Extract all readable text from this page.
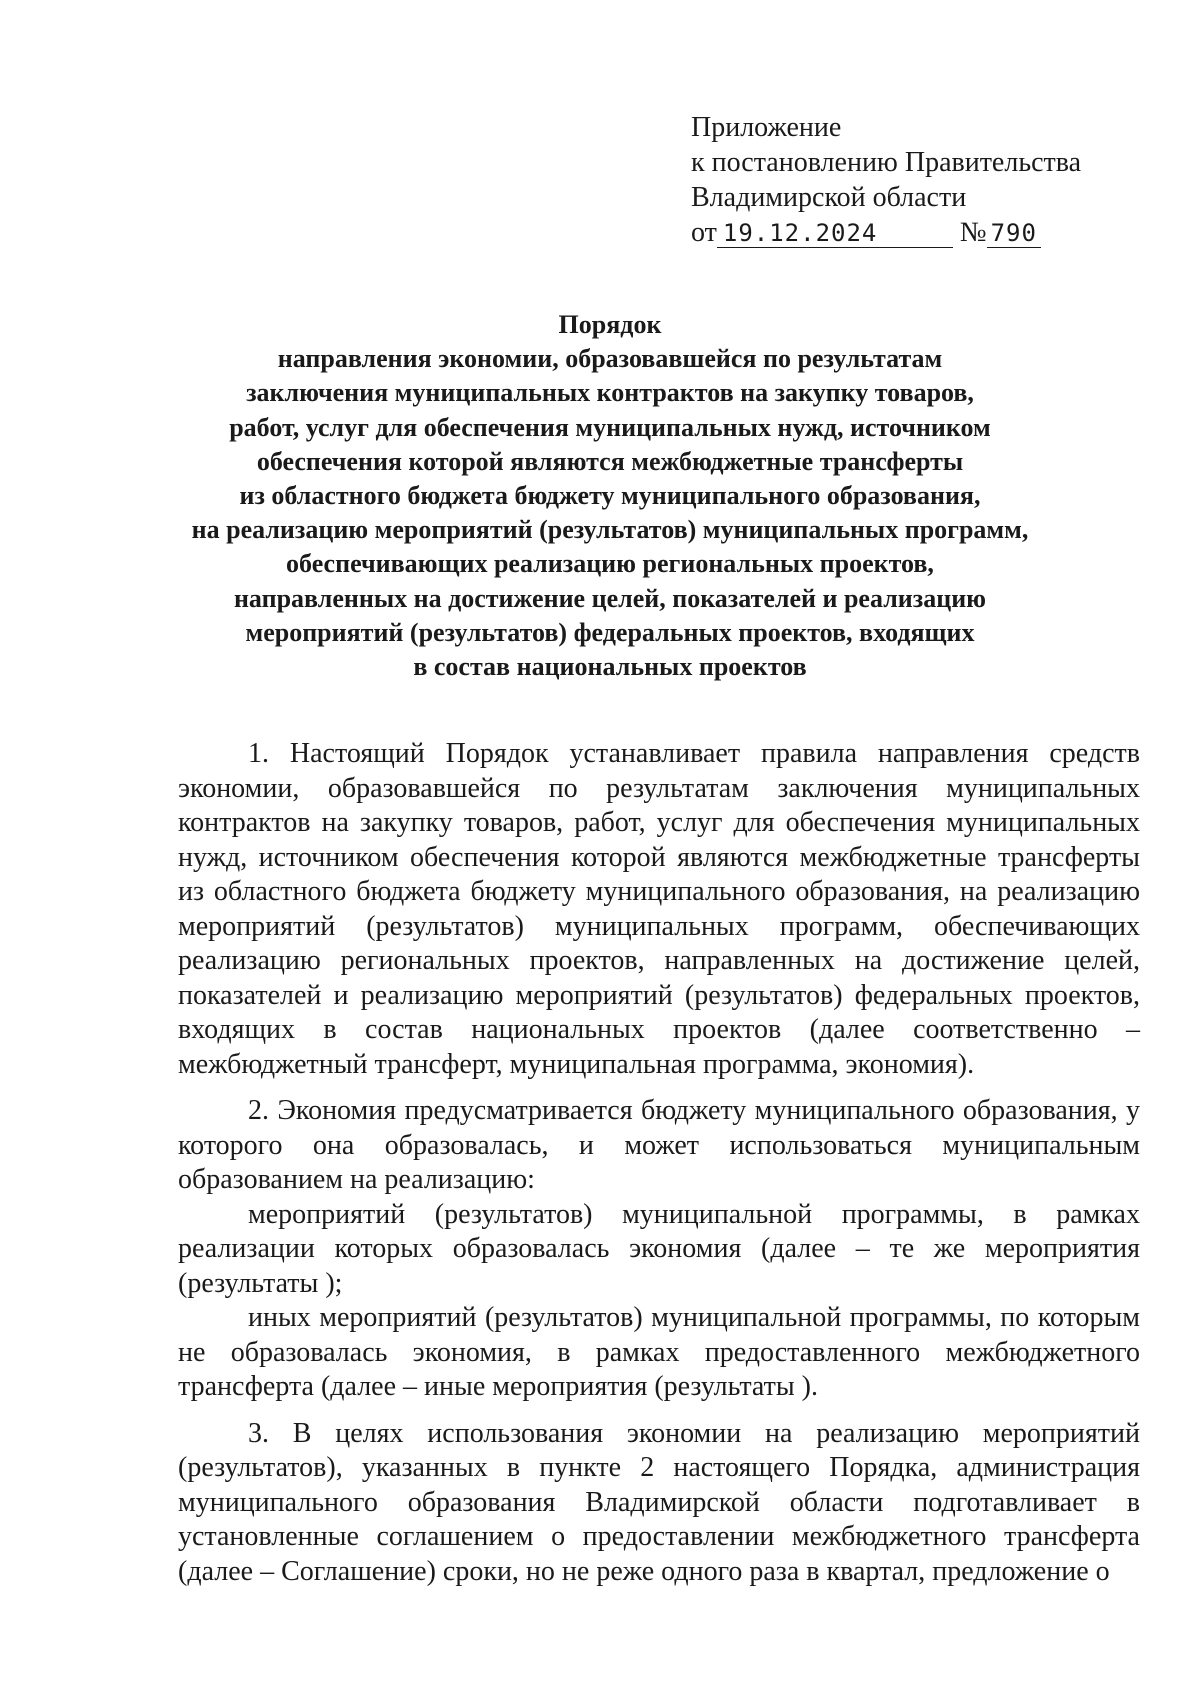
Приложение
к постановлению Правительства
Владимирской области
от 19.12.2024	№ 790
Порядок
направления экономии, образовавшейся по результатам
заключения муниципальных контрактов на закупку товаров,
работ, услуг для обеспечения муниципальных нужд, источником
обеспечения которой являются межбюджетные трансферты
из областного бюджета бюджету муниципального образования,
на реализацию мероприятий (результатов) муниципальных программ,
обеспечивающих реализацию региональных проектов,
направленных на достижение целей, показателей и реализацию
мероприятий (результатов) федеральных проектов, входящих
в состав национальных проектов

1. Настоящий Порядок устанавливает правила направления средств экономии, образовавшейся по результатам заключения муниципальных контрактов на закупку товаров, работ, услуг для обеспечения муниципальных нужд, источником обеспечения которой являются межбюджетные трансферты из областного бюджета бюджету муниципального образования, на реализацию мероприятий (результатов) муниципальных программ, обеспечивающих реализацию региональных проектов, направленных на достижение целей, показателей и реализацию мероприятий (результатов) федеральных проектов, входящих в состав национальных проектов (далее соответственно – межбюджетный трансферт, муниципальная программа, экономия).

2. Экономия предусматривается бюджету муниципального образования, у которого она образовалась, и может использоваться муниципальным образованием на реализацию:

мероприятий (результатов) муниципальной программы, в рамках реализации которых образовалась экономия (далее – те же мероприятия (результаты );

иных мероприятий (результатов) муниципальной программы, по которым не образовалась экономия, в рамках предоставленного межбюджетного трансферта (далее – иные мероприятия (результаты ).

3. В целях использования экономии на реализацию мероприятий (результатов), указанных в пункте 2 настоящего Порядка, администрация муниципального образования Владимирской области подготавливает в установленные соглашением о предоставлении межбюджетного трансферта (далее – Соглашение) сроки, но не реже одного раза в квартал, предложение о
